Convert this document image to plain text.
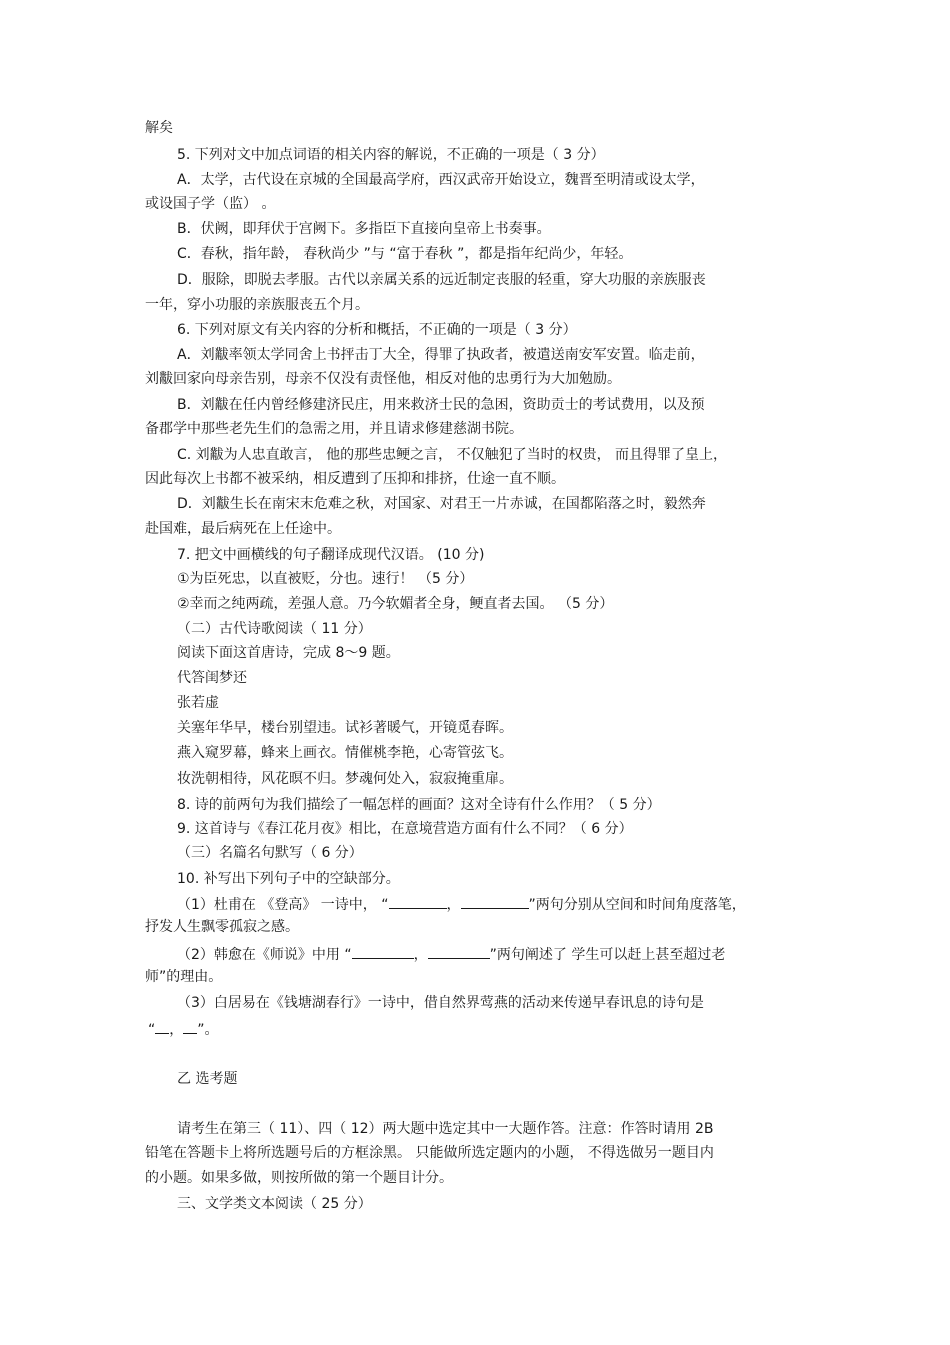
解矣
5. 下列对文中加点词语的相关内容的解说，不正确的一项是（ 3 分）
A．太学，古代设在京城的全国最高学府，西汉武帝开始设立，魏晋至明清或设太学，
或设国子学（监） 。
B．伏阙，即拜伏于宫阙下。多指臣下直接向皇帝上书奏事。
C．春秋，指年龄， 春秋尚少 ”与 “富于春秋 ”，都是指年纪尚少，年轻。
D．服除，即脱去孝服。古代以亲属关系的远近制定丧服的轻重，穿大功服的亲族服丧
一年，穿小功服的亲族服丧五个月。
6. 下列对原文有关内容的分析和概括，不正确的一项是（ 3 分）
A．刘黻率领太学同舍上书抨击丁大全，得罪了执政者，被遣送南安军安置。临走前，
刘黻回家向母亲告别，母亲不仅没有责怪他，相反对他的忠勇行为大加勉励。
B．刘黻在任内曾经修建济民庄，用来救济士民的急困，资助贡士的考试费用，以及预
备郡学中那些老先生们的急需之用，并且请求修建慈湖书院。
C. 刘黻为人忠直敢言， 他的那些忠鲠之言， 不仅触犯了当时的权贵， 而且得罪了皇上，
因此每次上书都不被采纳，相反遭到了压抑和排挤，仕途一直不顺。
D．刘黻生长在南宋末危难之秋，对国家、对君王一片赤诚，在国都陷落之时，毅然奔
赴国难，最后病死在上任途中。
7. 把文中画横线的句子翻译成现代汉语。 (10 分)
①为臣死忠，以直被贬，分也。速行！ （5 分）
②幸而之纯两疏，差强人意。乃今软媚者全身，鲠直者去国。 （5 分）
（二）古代诗歌阅读（ 11 分）
阅读下面这首唐诗，完成 8～9 题。
代答闺梦还
张若虚
关塞年华早，楼台别望违。试衫著暖气，开镜觅春晖。
燕入窥罗幕，蜂来上画衣。情催桃李艳，心寄管弦飞。
妆洗朝相待，风花暝不归。梦魂何处入，寂寂掩重扉。
8. 诗的前两句为我们描绘了一幅怎样的画面？这对全诗有什么作用？（ 5 分）
9. 这首诗与《春江花月夜》相比，在意境营造方面有什么不同？（ 6 分）
（三）名篇名句默写（ 6 分）
10. 补写出下列句子中的空缺部分。
（1）杜甫在 《登高》 一诗中， “	，	”两句分别从空间和时间角度落笔，
抒发人生飘零孤寂之感。
（2）韩愈在《师说》中用 “	，	”两句阐述了 学生可以赶上甚至超过老
师”的理由。
（3）白居易在《钱塘湖春行》一诗中，借自然界莺燕的活动来传递早春讯息的诗句是
“ ， ”。
乙 选考题
请考生在第三（ 11）、四（ 12）两大题中选定其中一大题作答。注意：作答时请用 2B
铅笔在答题卡上将所选题号后的方框涂黑。 只能做所选定题内的小题， 不得选做另一题目内
的小题。如果多做，则按所做的第一个题目计分。
三、文学类文本阅读（ 25 分）
